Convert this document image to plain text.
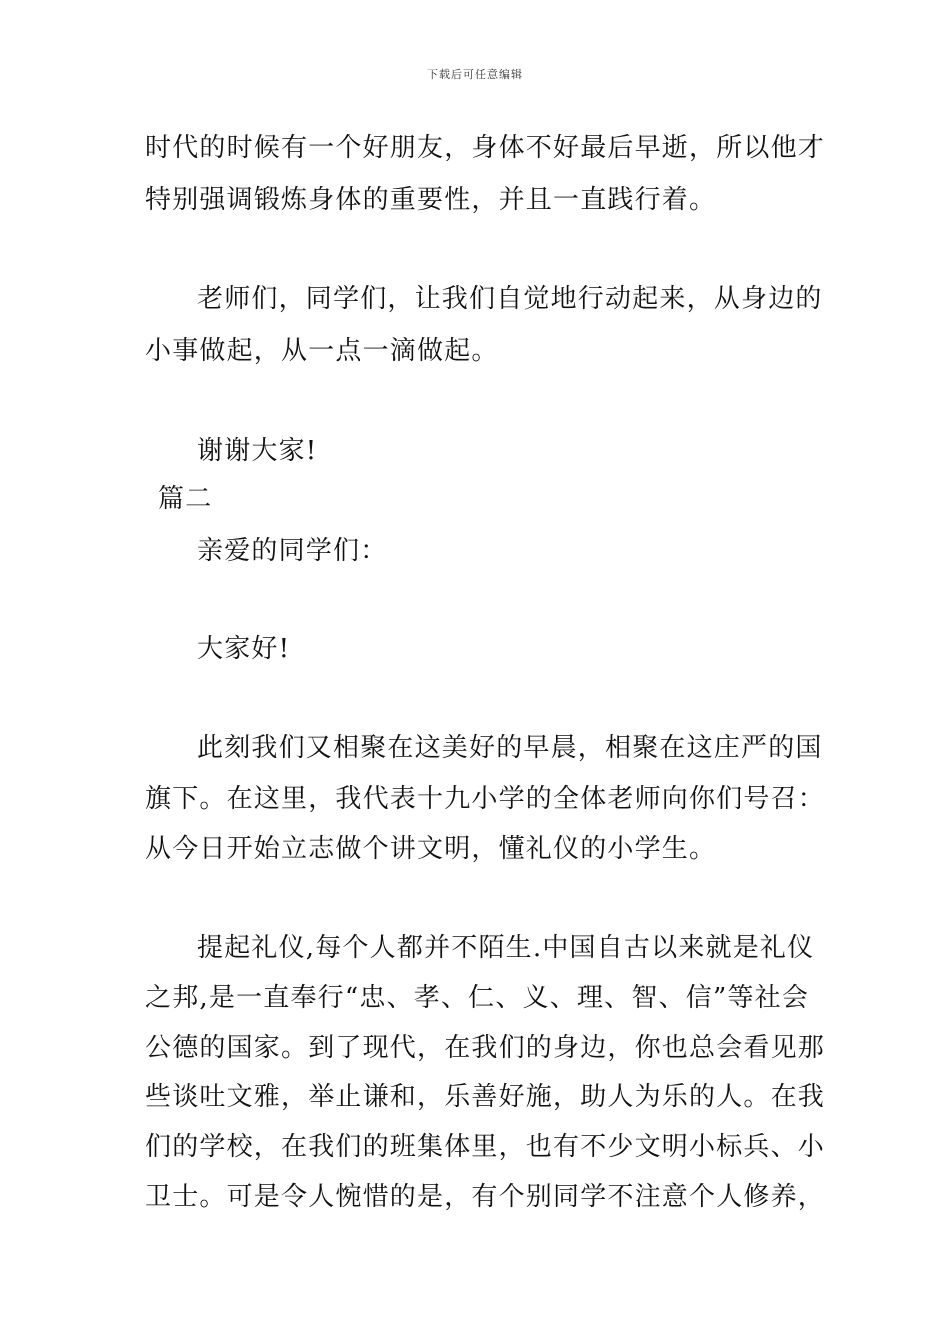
下载后可任意编辑
时代的时候有一个好朋友，身体不好最后早逝，所以他才
特别强调锻炼身体的重要性，并且一直践行着。
老师们，同学们，让我们自觉地行动起来，从身边的
小事做起，从一点一滴做起。
谢谢大家!
篇二
亲爱的同学们：
大家好!
此刻我们又相聚在这美好的早晨，相聚在这庄严的国
旗下。在这里，我代表十九小学的全体老师向你们号召：
从今日开始立志做个讲文明，懂礼仪的小学生。
提起礼仪,每个人都并不陌生.中国自古以来就是礼仪
之邦,是一直奉行“忠、孝、仁、义、理、智、信”等社会
公德的国家。到了现代，在我们的身边，你也总会看见那
些谈吐文雅，举止谦和，乐善好施，助人为乐的人。在我
们的学校，在我们的班集体里，也有不少文明小标兵、小
卫士。可是令人惋惜的是，有个别同学不注意个人修养，
